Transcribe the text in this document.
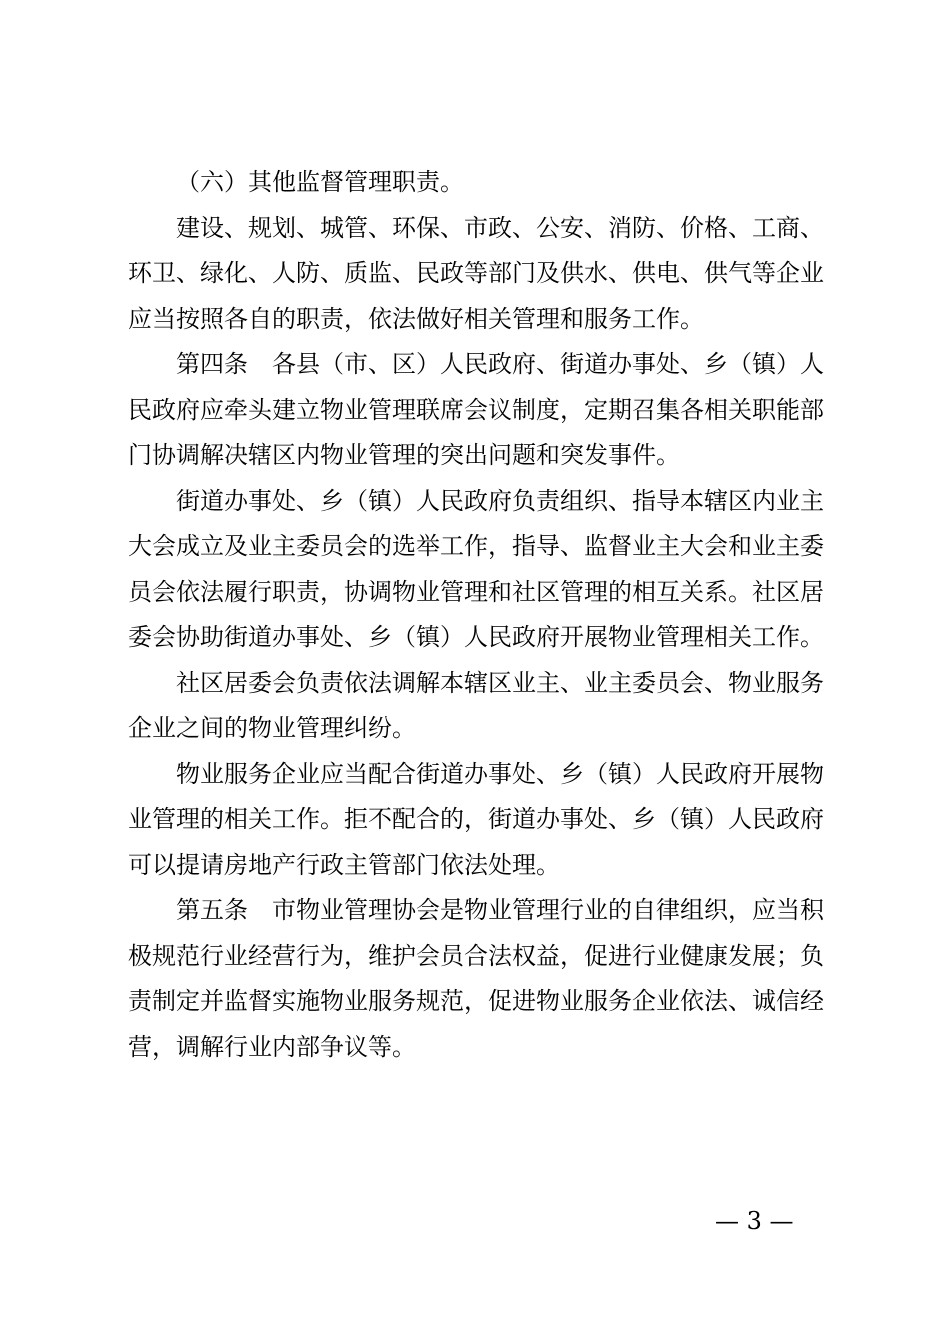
（六）其他监督管理职责。

建设、规划、城管、环保、市政、公安、消防、价格、工商、环卫、绿化、人防、质监、民政等部门及供水、供电、供气等企业应当按照各自的职责，依法做好相关管理和服务工作。

第四条　各县（市、区）人民政府、街道办事处、乡（镇）人民政府应牵头建立物业管理联席会议制度，定期召集各相关职能部门协调解决辖区内物业管理的突出问题和突发事件。

街道办事处、乡（镇）人民政府负责组织、指导本辖区内业主大会成立及业主委员会的选举工作，指导、监督业主大会和业主委员会依法履行职责，协调物业管理和社区管理的相互关系。社区居委会协助街道办事处、乡（镇）人民政府开展物业管理相关工作。

社区居委会负责依法调解本辖区业主、业主委员会、物业服务企业之间的物业管理纠纷。

物业服务企业应当配合街道办事处、乡（镇）人民政府开展物业管理的相关工作。拒不配合的，街道办事处、乡（镇）人民政府可以提请房地产行政主管部门依法处理。

第五条　市物业管理协会是物业管理行业的自律组织，应当积极规范行业经营行为，维护会员合法权益，促进行业健康发展；负责制定并监督实施物业服务规范，促进物业服务企业依法、诚信经营，调解行业内部争议等。

— 3 —
